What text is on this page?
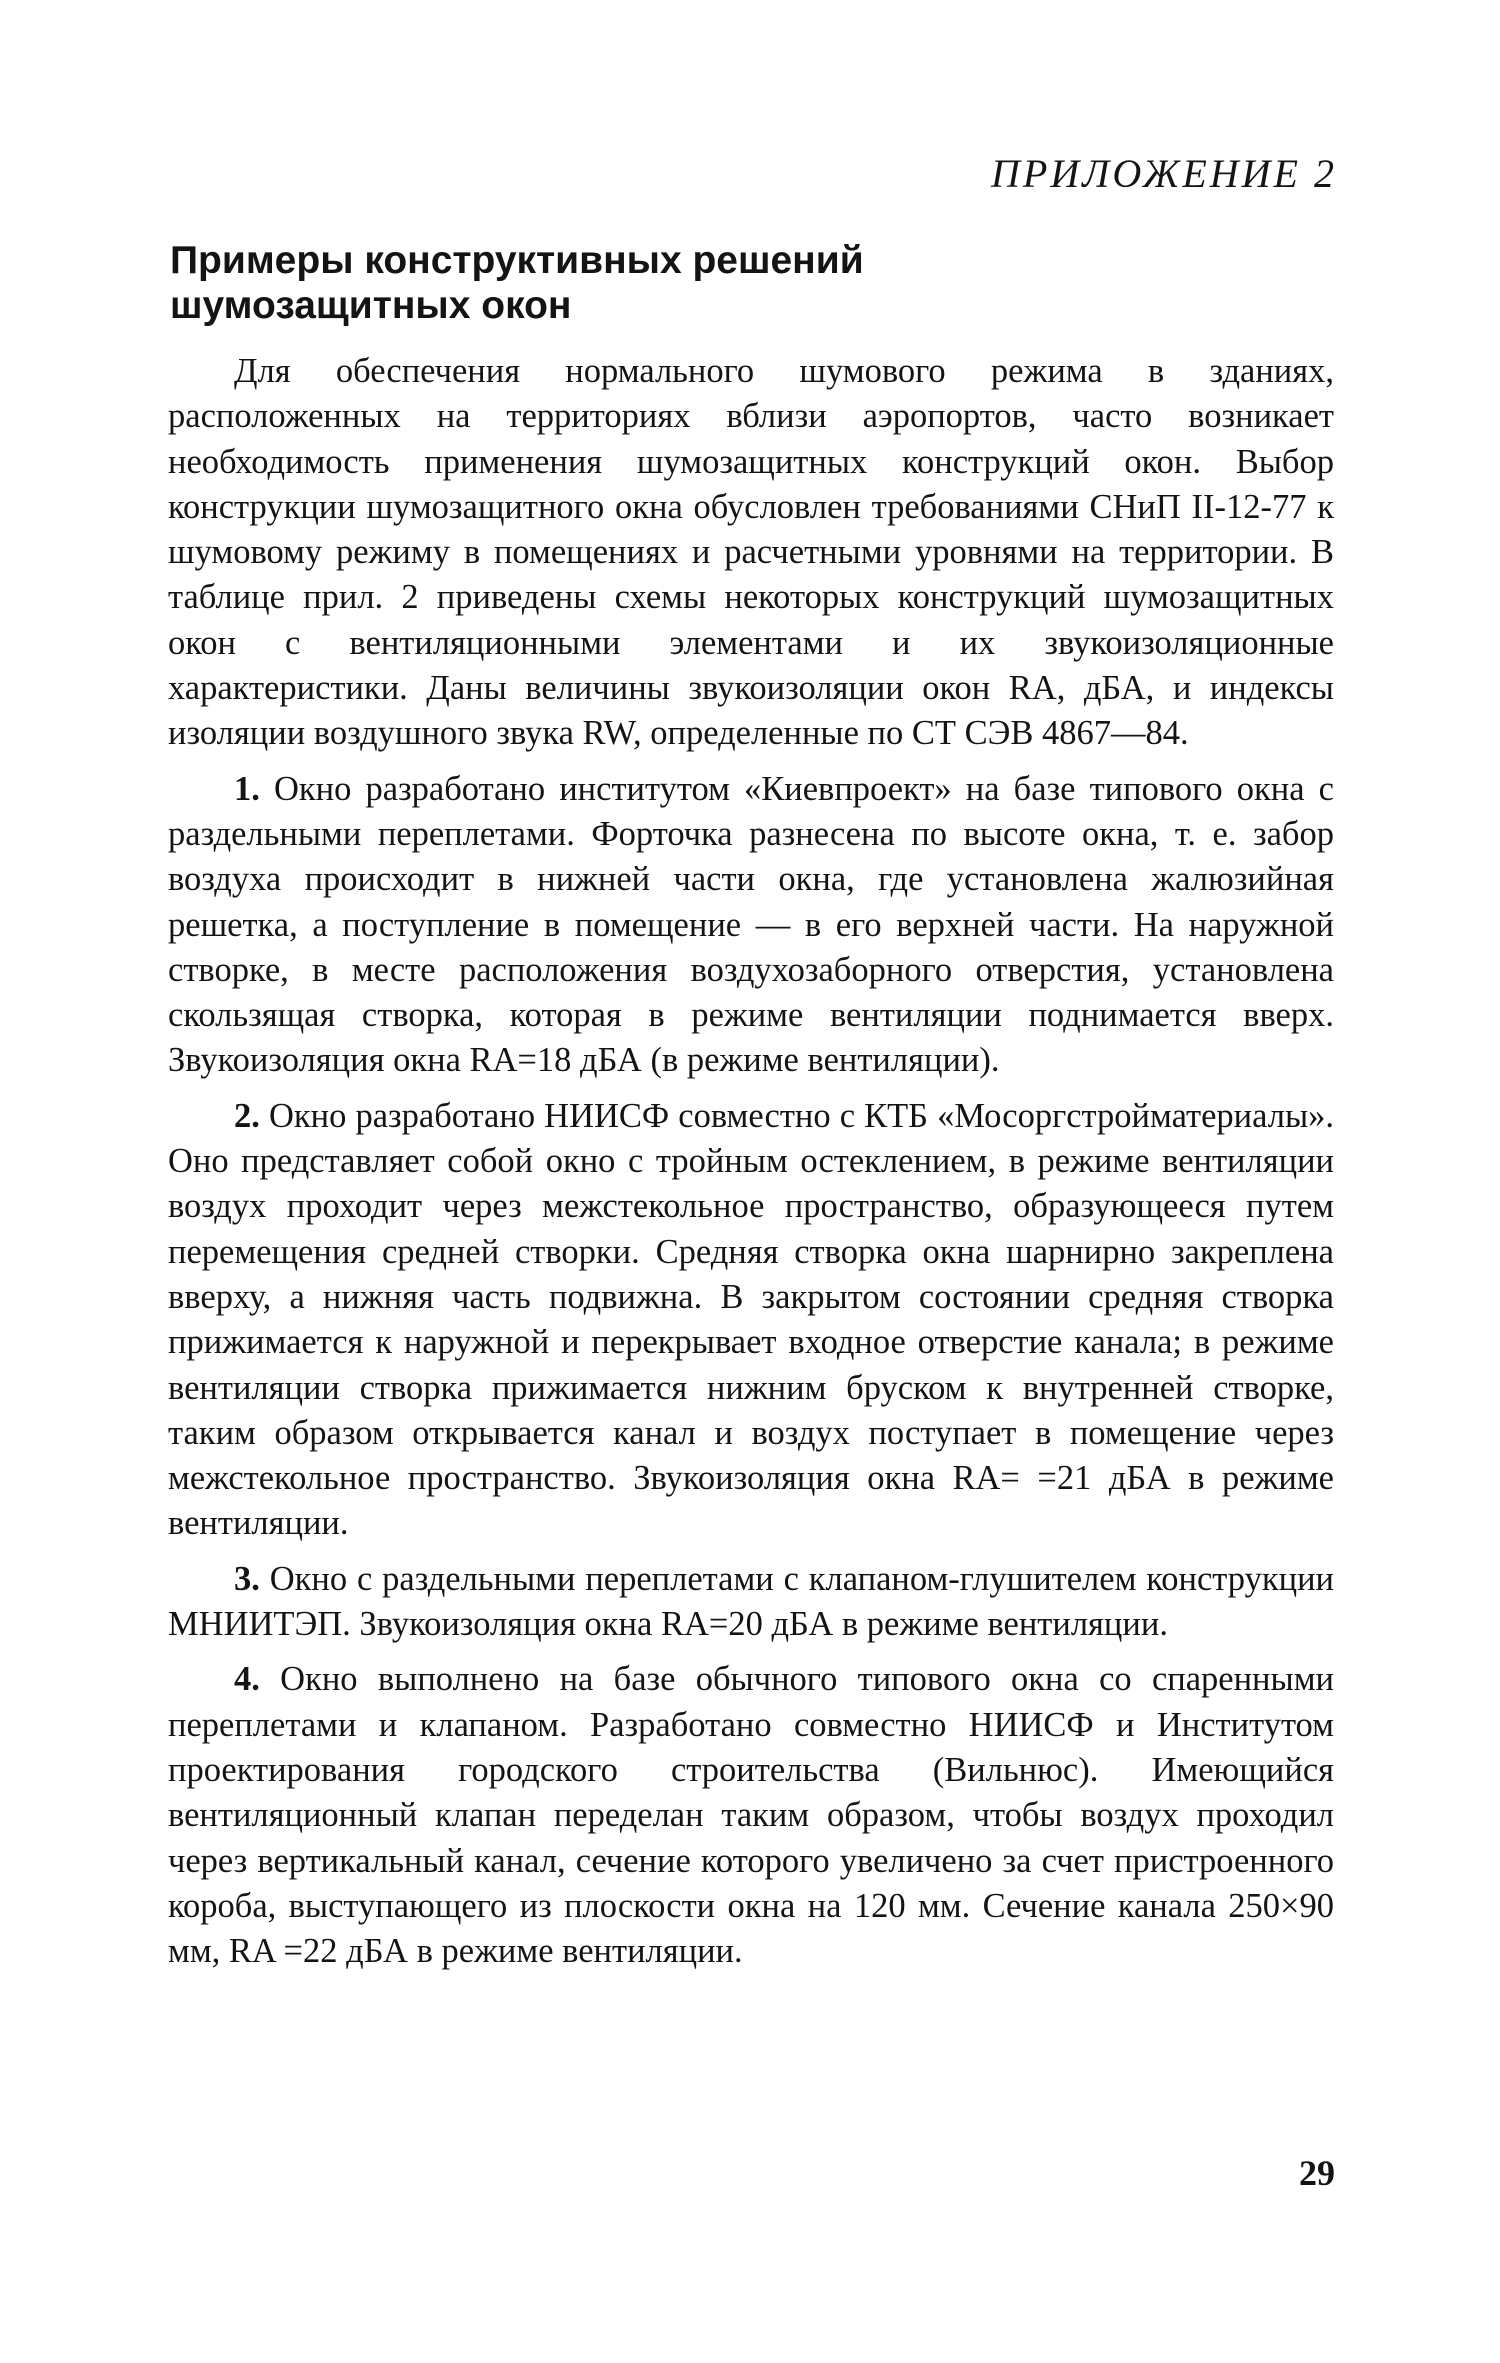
ПРИЛОЖЕНИЕ 2

Примеры конструктивных решений
шумозащитных окон

Для обеспечения нормального шумового режима в зданиях, расположенных на территориях вблизи аэропортов, часто возникает необходимость применения шумозащитных конструкций окон. Выбор конструкции шумозащитного окна обусловлен требованиями СНиП II-12-77 к шумовому режиму в помещениях и расчетными уровнями на территории. В таблице прил. 2 приведены схемы некоторых конструкций шумозащитных окон с вентиляционными элементами и их звукоизоляционные характеристики. Даны величины звукоизоляции окон RA, дБА, и индексы изоляции воздушного звука RW, определенные по СТ СЭВ 4867—84.

1. Окно разработано институтом «Киевпроект» на базе типового окна с раздельными переплетами. Форточка разнесена по высоте окна, т. е. забор воздуха происходит в нижней части окна, где установлена жалюзийная решетка, а поступление в помещение — в его верхней части. На наружной створке, в месте расположения воздухозаборного отверстия, установлена скользящая створка, которая в режиме вентиляции поднимается вверх. Звукоизоляция окна RA=18 дБА (в режиме вентиляции).

2. Окно разработано НИИСФ совместно с КТБ «Мосоргстройматериалы». Оно представляет собой окно с тройным остеклением, в режиме вентиляции воздух проходит через межстекольное пространство, образующееся путем перемещения средней створки. Средняя створка окна шарнирно закреплена вверху, а нижняя часть подвижна. В закрытом состоянии средняя створка прижимается к наружной и перекрывает входное отверстие канала; в режиме вентиляции створка прижимается нижним бруском к внутренней створке, таким образом открывается канал и воздух поступает в помещение через межстекольное пространство. Звукоизоляция окна RA= =21 дБА в режиме вентиляции.

3. Окно с раздельными переплетами с клапаном-глушителем конструкции МНИИТЭП. Звукоизоляция окна RA=20 дБА в режиме вентиляции.

4. Окно выполнено на базе обычного типового окна со спаренными переплетами и клапаном. Разработано совместно НИИСФ и Институтом проектирования городского строительства (Вильнюс). Имеющийся вентиляционный клапан переделан таким образом, чтобы воздух проходил через вертикальный канал, сечение которого увеличено за счет пристроенного короба, выступающего из плоскости окна на 120 мм. Сечение канала 250×90 мм, RA =22 дБА в режиме вентиляции.

29
